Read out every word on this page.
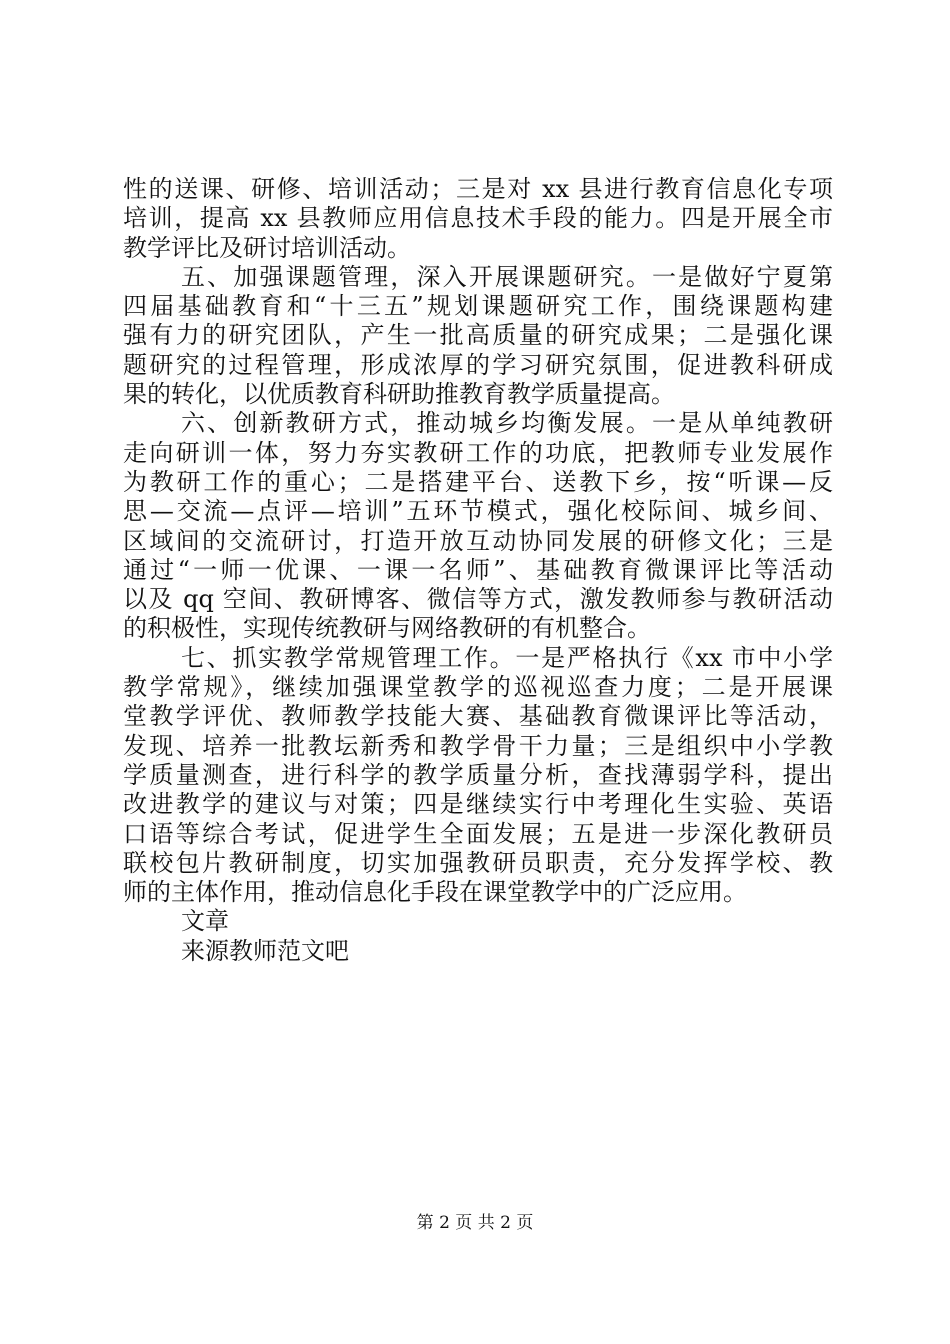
性的送课、研修、培训活动；三是对 xx 县进行教育信息化专项
培训，提高 xx 县教师应用信息技术手段的能力。四是开展全市
教学评比及研讨培训活动。
五、加强课题管理，深入开展课题研究。一是做好宁夏第
四届基础教育和“十三五”规划课题研究工作，围绕课题构建
强有力的研究团队，产生一批高质量的研究成果；二是强化课
题研究的过程管理，形成浓厚的学习研究氛围，促进教科研成
果的转化，以优质教育科研助推教育教学质量提高。
六、创新教研方式，推动城乡均衡发展。一是从单纯教研
走向研训一体，努力夯实教研工作的功底，把教师专业发展作
为教研工作的重心；二是搭建平台、送教下乡，按“听课—反
思—交流—点评—培训”五环节模式，强化校际间、城乡间、
区域间的交流研讨，打造开放互动协同发展的研修文化；三是
通过“一师一优课、一课一名师”、基础教育微课评比等活动
以及 qq 空间、教研博客、微信等方式，激发教师参与教研活动
的积极性，实现传统教研与网络教研的有机整合。
七、抓实教学常规管理工作。一是严格执行《xx 市中小学
教学常规》，继续加强课堂教学的巡视巡查力度；二是开展课
堂教学评优、教师教学技能大赛、基础教育微课评比等活动，
发现、培养一批教坛新秀和教学骨干力量；三是组织中小学教
学质量测查，进行科学的教学质量分析，查找薄弱学科，提出
改进教学的建议与对策；四是继续实行中考理化生实验、英语
口语等综合考试，促进学生全面发展；五是进一步深化教研员
联校包片教研制度，切实加强教研员职责，充分发挥学校、教
师的主体作用，推动信息化手段在课堂教学中的广泛应用。
文章
来源教师范文吧
第 2 页 共 2 页
